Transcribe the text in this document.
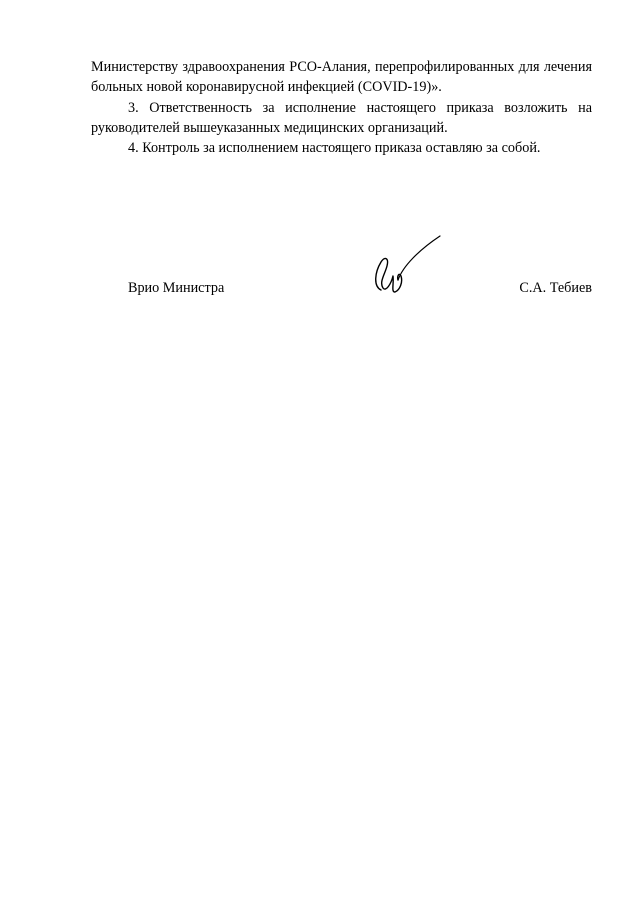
Министерству здравоохранения РСО-Алания, перепрофилированных для лечения больных новой коронавирусной инфекцией (COVID-19)».

3. Ответственность за исполнение настоящего приказа возложить на руководителей вышеуказанных медицинских организаций.

4. Контроль за исполнением настоящего приказа оставляю за собой.

Врио Министра	С.А. Тебиев
